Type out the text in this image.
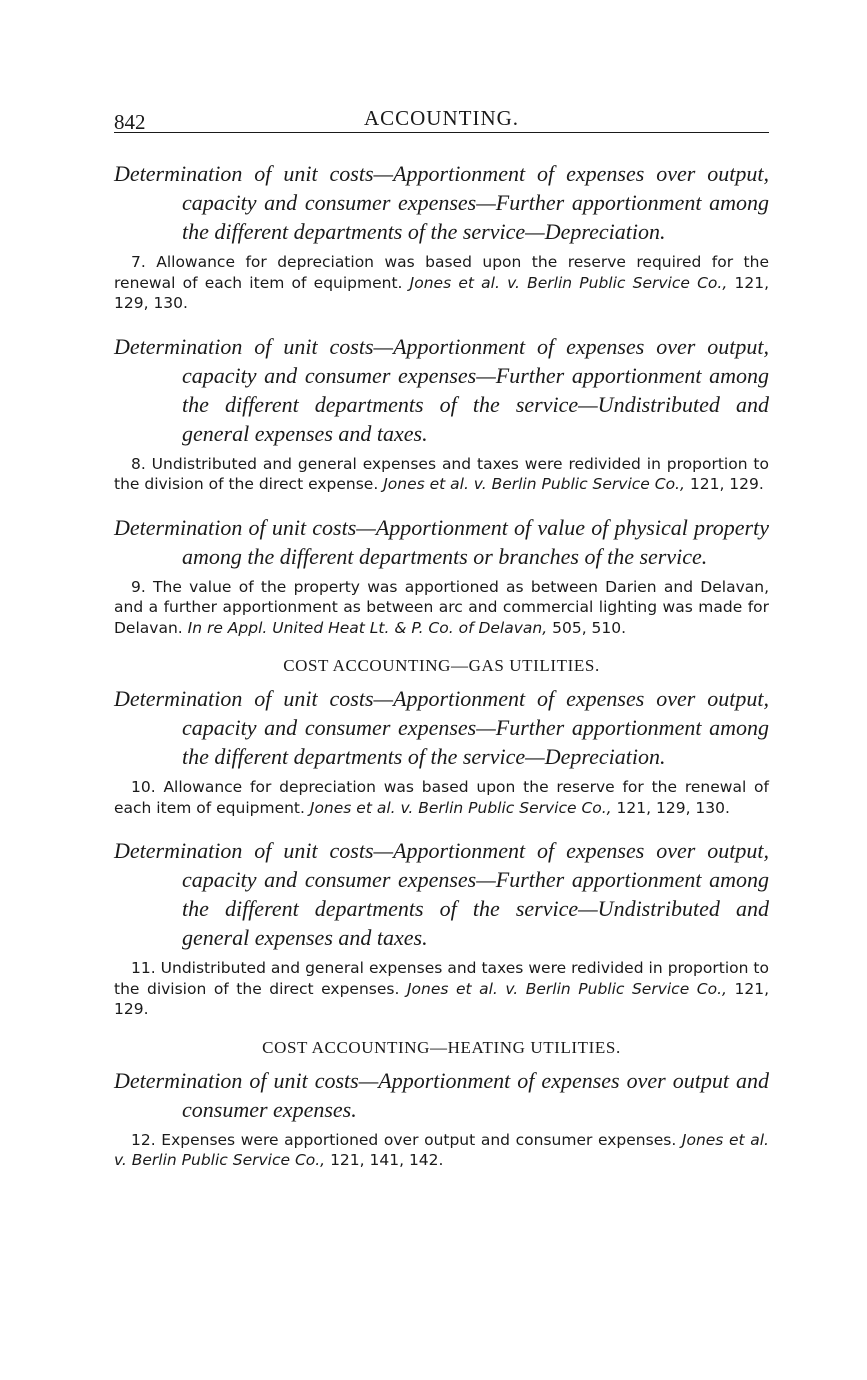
842	ACCOUNTING.

Determination of unit costs—Apportionment of expenses over output, capacity and consumer expenses—Further apportionment among the different departments of the service—Depreciation.

7. Allowance for depreciation was based upon the reserve required for the renewal of each item of equipment. Jones et al. v. Berlin Public Service Co., 121, 129, 130.

Determination of unit costs—Apportionment of expenses over output, capacity and consumer expenses—Further apportionment among the different departments of the service—Undistributed and general expenses and taxes.

8. Undistributed and general expenses and taxes were redivided in proportion to the division of the direct expense. Jones et al. v. Berlin Public Service Co., 121, 129.

Determination of unit costs—Apportionment of value of physical property among the different departments or branches of the service.

9. The value of the property was apportioned as between Darien and Delavan, and a further apportionment as between arc and commercial lighting was made for Delavan. In re Appl. United Heat Lt. & P. Co. of Delavan, 505, 510.

COST ACCOUNTING—GAS UTILITIES.

Determination of unit costs—Apportionment of expenses over output, capacity and consumer expenses—Further apportionment among the different departments of the service—Depreciation.

10. Allowance for depreciation was based upon the reserve for the renewal of each item of equipment. Jones et al. v. Berlin Public Service Co., 121, 129, 130.

Determination of unit costs—Apportionment of expenses over output, capacity and consumer expenses—Further apportionment among the different departments of the service—Undistributed and general expenses and taxes.

11. Undistributed and general expenses and taxes were redivided in proportion to the division of the direct expenses. Jones et al. v. Berlin Public Service Co., 121, 129.

COST ACCOUNTING—HEATING UTILITIES.

Determination of unit costs—Apportionment of expenses over output and consumer expenses.

12. Expenses were apportioned over output and consumer expenses. Jones et al. v. Berlin Public Service Co., 121, 141, 142.
